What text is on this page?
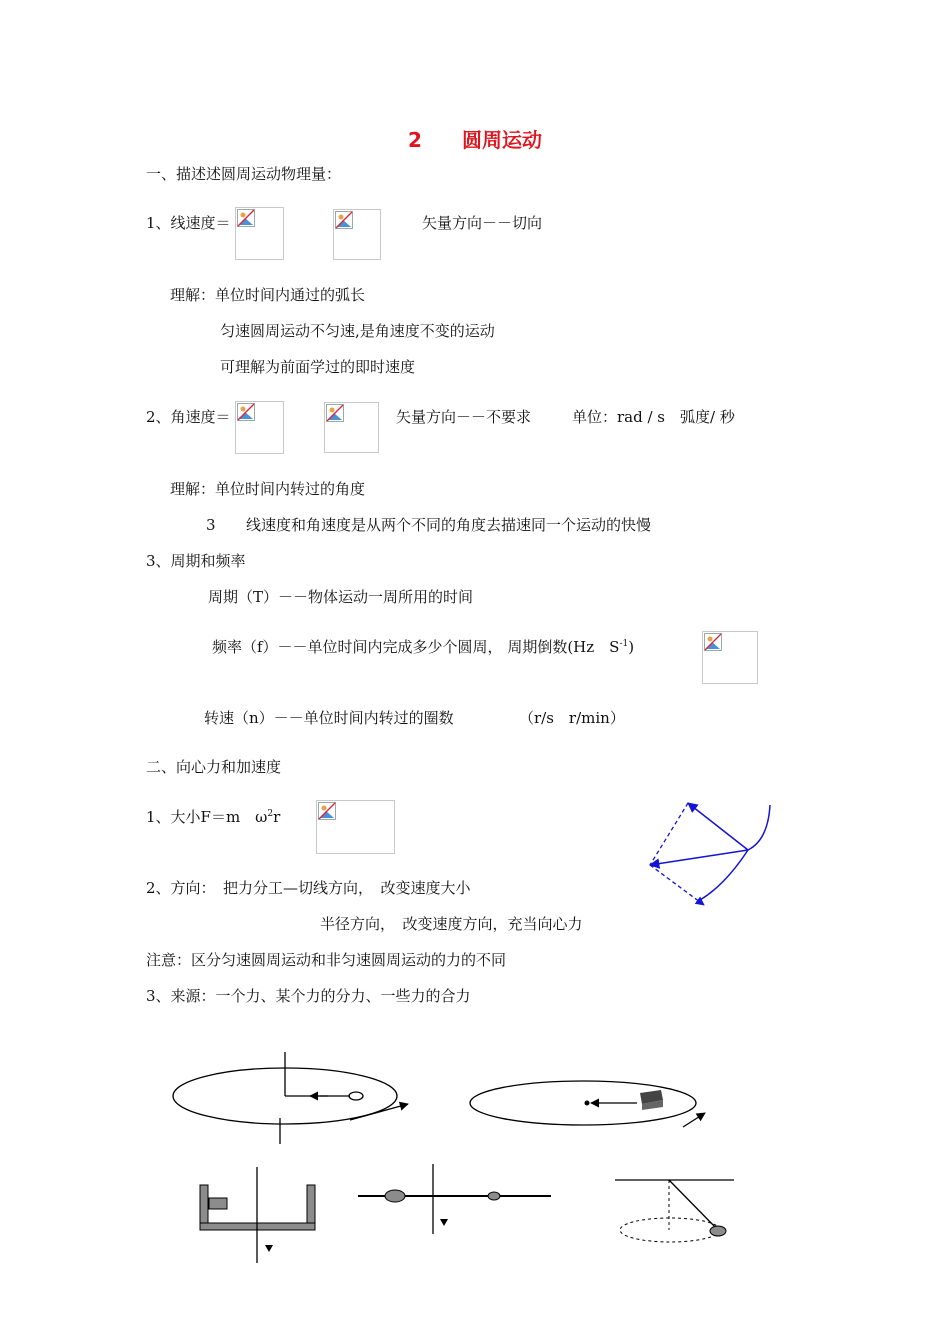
2　　圆周运动
一、描述述圆周运动物理量：
1、线速度＝	矢量方向－－切向
理解：单位时间内通过的弧长
匀速圆周运动不匀速,是角速度不变的运动
可理解为前面学过的即时速度
2、角速度＝	矢量方向－－不要求	单位：rad / s　弧度/ 秒
理解：单位时间内转过的角度
3 线速度和角速度是从两个不同的角度去描速同一个运动的快慢
3、周期和频率
周期（T）－－物体运动一周所用的时间
频率（f）－－单位时间内完成多少个圆周， 周期倒数(Hz　$S^{-1}$)
转速（n）－－单位时间内转过的圈数	（r/s　r/min）
二、向心力和加速度
1、大小F＝m　$\omega^2r$
2、方向：　把力分工—切线方向，　改变速度大小
半径方向，　改变速度方向，充当向心力
注意：区分匀速圆周运动和非匀速圆周运动的力的不同
3、来源：一个力、某个力的分力、一些力的合力
